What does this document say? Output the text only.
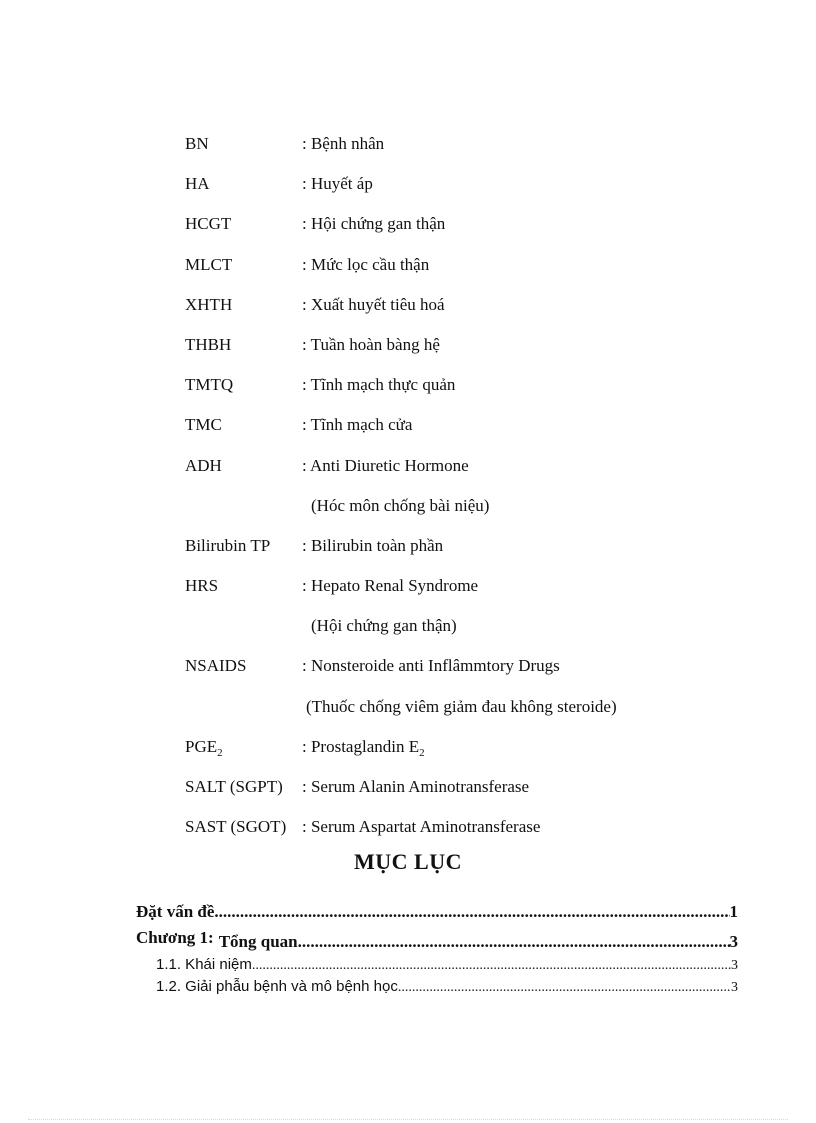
BN	: Bệnh nhân
HA	: Huyết áp
HCGT	: Hội chứng gan thận
MLCT	: Mức lọc cầu thận
XHTH	: Xuất huyết tiêu hoá
THBH	: Tuần hoàn bàng hệ
TMTQ	: Tĩnh mạch thực quản
TMC	: Tĩnh mạch cửa
ADH	: Anti Diuretic Hormone
(Hóc môn chống bài niệu)
Bilirubin TP : Bilirubin toàn phần
HRS	: Hepato Renal Syndrome
(Hội chứng gan thận)
NSAIDS	: Nonsteroide anti Inflâmmtory Drugs
(Thuốc chống viêm giảm đau không steroide)
$PGE_2$	: Prostaglandin $E_2$
SALT (SGPT) : Serum Alanin Aminotransferase
SAST (SGOT) : Serum Aspartat Aminotransferase
MỤC LỤC
Đặt vấn đề .....	1
Chương 1: Tổng quan .....	3
1.1. Khái niệm .....	3
1.2. Giải phẫu bệnh và mô bệnh học .....	3
